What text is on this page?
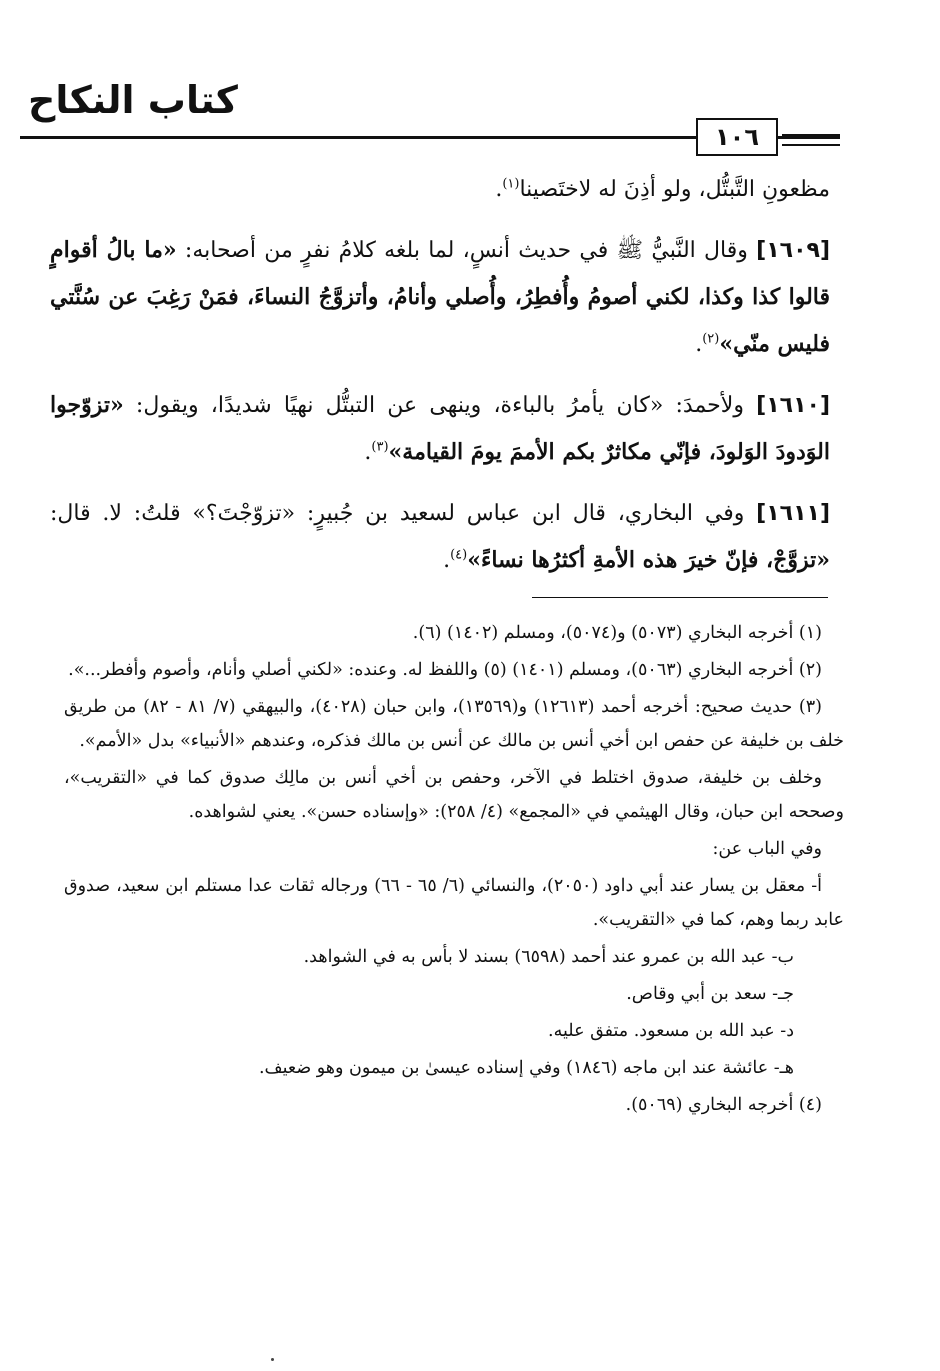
كتاب النكاح
١٠٦

مظعونِ التَّبتُّل، ولو أذِنَ له لاختَصينا$^{(١)}$.

[١٦٠٩] وقال النَّبيُّ ﷺ في حديث أنسٍ، لما بلغه كلامُ نفرٍ من أصحابه: «ما بالُ أقوامٍ قالوا كذا وكذا، لكني أصومُ وأُفطِرُ، وأُصلي وأنامُ، وأتزوَّجُ النساءَ، فمَنْ رَغِبَ عن سُنَّتي فليس منّي»$^{(٢)}$.

[١٦١٠] ولأحمدَ: «كان يأمرُ بالباءة، وينهى عن التبتُّل نهيًا شديدًا، ويقول: «تزوّجوا الوَدودَ الوَلودَ، فإنّي مكاثرٌ بكم الأممَ يومَ القيامة»$^{(٣)}$.

[١٦١١] وفي البخاري، قال ابن عباس لسعيد بن جُبيرٍ: «تزوّجْتَ؟» قلتُ: لا. قال: «تزوَّجْ، فإنّ خيرَ هذه الأمةِ أكثرُها نساءً»$^{(٤)}$.

(١) أخرجه البخاري (٥٠٧٣) و(٥٠٧٤)، ومسلم (١٤٠٢) (٦).

(٢) أخرجه البخاري (٥٠٦٣)، ومسلم (١٤٠١) (٥) واللفظ له. وعنده: «لكني أصلي وأنام، وأصوم وأفطر...».

(٣) حديث صحيح: أخرجه أحمد (١٢٦١٣) و(١٣٥٦٩)، وابن حبان (٤٠٢٨)، والبيهقي (٧/ ٨١ - ٨٢) من طريق خلف بن خليفة عن حفص ابن أخي أنس بن مالك عن أنس بن مالك فذكره، وعندهم «الأنبياء» بدل «الأمم».

وخلف بن خليفة، صدوق اختلط في الآخر، وحفص بن أخي أنس بن مالِك صدوق كما في «التقريب»، وصححه ابن حبان، وقال الهيثمي في «المجمع» (٤/ ٢٥٨): «وإسناده حسن». يعني لشواهده.

وفي الباب عن:

أ- معقل بن يسار عند أبي داود (٢٠٥٠)، والنسائي (٦/ ٦٥ - ٦٦) ورجاله ثقات عدا مستلم ابن سعيد، صدوق عابد ربما وهم، كما في «التقريب».

ب- عبد الله بن عمرو عند أحمد (٦٥٩٨) بسند لا بأس به في الشواهد.

جـ- سعد بن أبي وقاص.

د- عبد الله بن مسعود. متفق عليه.

هـ- عائشة عند ابن ماجه (١٨٤٦) وفي إسناده عيسىٰ بن ميمون وهو ضعيف.

(٤) أخرجه البخاري (٥٠٦٩).
